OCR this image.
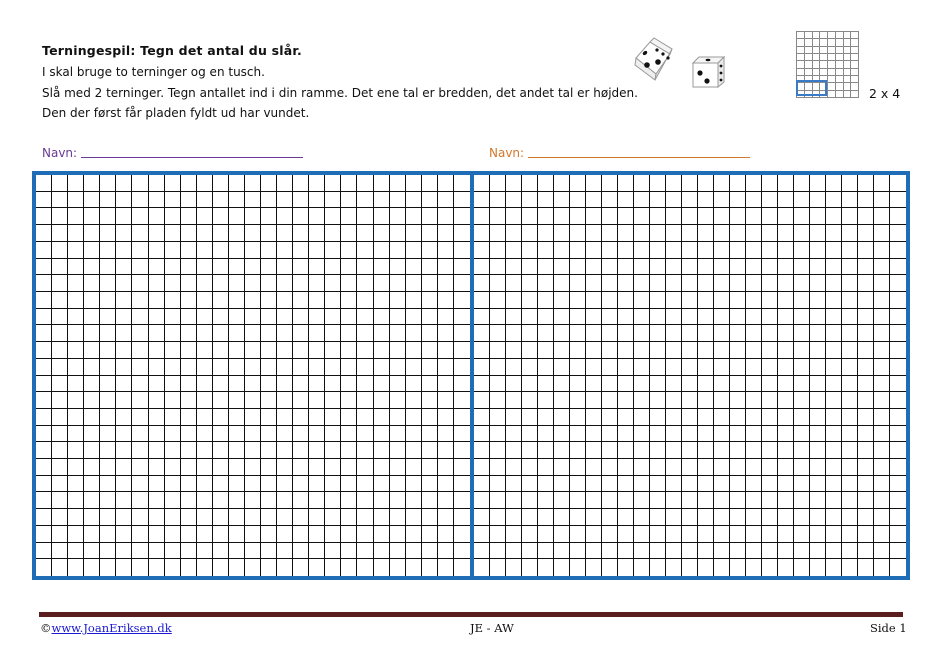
Terningespil: Tegn det antal du slår.
I skal bruge to terninger og en tusch.
Slå med 2 terninger. Tegn antallet ind i din ramme. Det ene tal er bredden, det andet tal er højden.
Den der først får pladen fyldt ud har vundet.
2 x 4
Navn:	Navn:
©www.JoanEriksen.dk	JE - AW	Side 1
